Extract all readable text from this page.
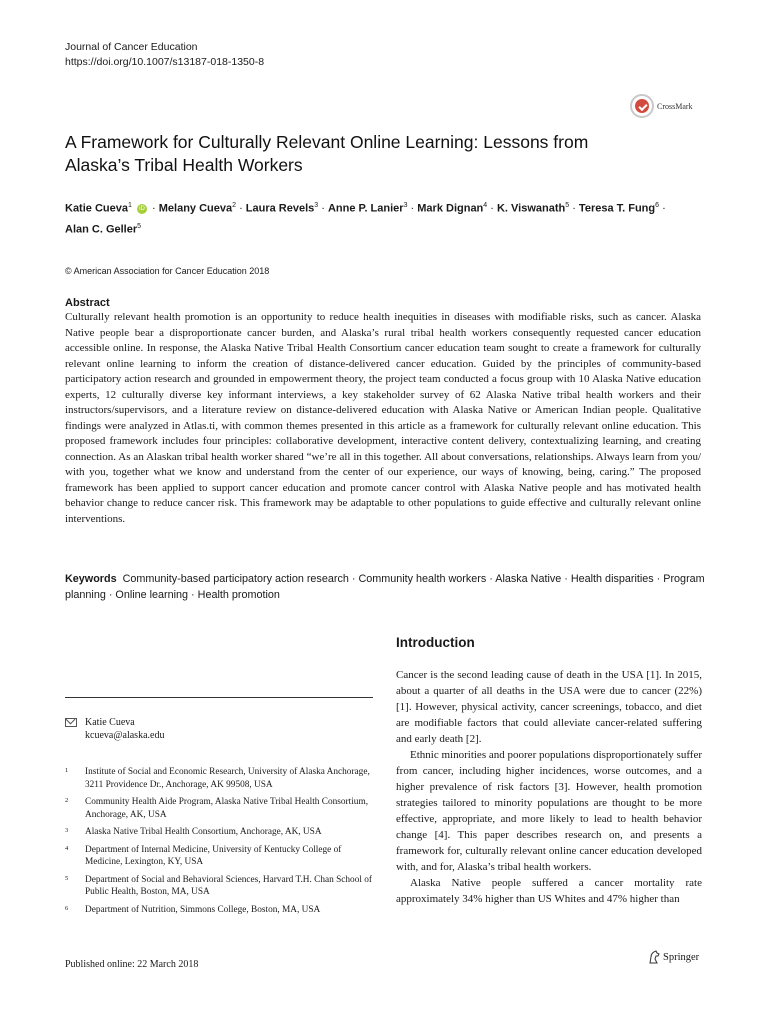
Journal of Cancer Education
https://doi.org/10.1007/s13187-018-1350-8
CrossMark
A Framework for Culturally Relevant Online Learning: Lessons from Alaska’s Tribal Health Workers
Katie Cueva$^1$ iD · Melany Cueva$^2$ · Laura Revels$^3$ · Anne P. Lanier$^3$ · Mark Dignan$^4$ · K. Viswanath$^5$ · Teresa T. Fung$^6$ ·
Alan C. Geller$^5$
© American Association for Cancer Education 2018
Abstract
Culturally relevant health promotion is an opportunity to reduce health inequities in diseases with modifiable risks, such as cancer. Alaska Native people bear a disproportionate cancer burden, and Alaska’s rural tribal health workers consequently requested cancer education accessible online. In response, the Alaska Native Tribal Health Consortium cancer education team sought to create a framework for culturally relevant online learning to inform the creation of distance-delivered cancer education. Guided by the principles of community-based participatory action research and grounded in empowerment theory, the project team conducted a focus group with 10 Alaska Native education experts, 12 culturally diverse key informant interviews, a key stakeholder survey of 62 Alaska Native tribal health workers and their instructors/supervisors, and a literature review on distance-delivered education with Alaska Native or American Indian people. Qualitative findings were analyzed in Atlas.ti, with common themes presented in this article as a framework for culturally relevant online education. This proposed framework includes four principles: collaborative development, interactive content delivery, contextualizing learning, and creating connection. As an Alaskan tribal health worker shared “we’re all in this together. All about conversations, relationships. Always learn from you/ with you, together what we know and understand from the center of our experience, our ways of knowing, being, caring.” The proposed framework has been applied to support cancer education and promote cancer control with Alaska Native people and has motivated health behavior change to reduce cancer risk. This framework may be adaptable to other populations to guide effective and culturally relevant online interventions.
Keywords Community-based participatory action research · Community health workers · Alaska Native · Health disparities · Program planning · Online learning · Health promotion
Katie Cueva
kcueva@alaska.edu
1	Institute of Social and Economic Research, University of Alaska Anchorage, 3211 Providence Dr., Anchorage, AK 99508, USA
2	Community Health Aide Program, Alaska Native Tribal Health Consortium, Anchorage, AK, USA
3	Alaska Native Tribal Health Consortium, Anchorage, AK, USA
4	Department of Internal Medicine, University of Kentucky College of Medicine, Lexington, KY, USA
5	Department of Social and Behavioral Sciences, Harvard T.H. Chan School of Public Health, Boston, MA, USA
6	Department of Nutrition, Simmons College, Boston, MA, USA
Published online: 22 March 2018
Introduction

Cancer is the second leading cause of death in the USA [1]. In 2015, about a quarter of all deaths in the USA were due to cancer (22%) [1]. However, physical activity, cancer screenings, tobacco, and diet are modifiable factors that could alleviate cancer-related suffering and early death [2].

Ethnic minorities and poorer populations disproportionately suffer from cancer, including higher incidences, worse outcomes, and a higher prevalence of risk factors [3]. However, health promotion strategies tailored to minority populations are thought to be more effective, appropriate, and more likely to lead to health behavior change [4]. This paper describes research on, and presents a framework for, culturally relevant online cancer education developed with, and for, Alaska’s tribal health workers.

Alaska Native people suffered a cancer mortality rate approximately 34% higher than US Whites and 47% higher than

Springer
